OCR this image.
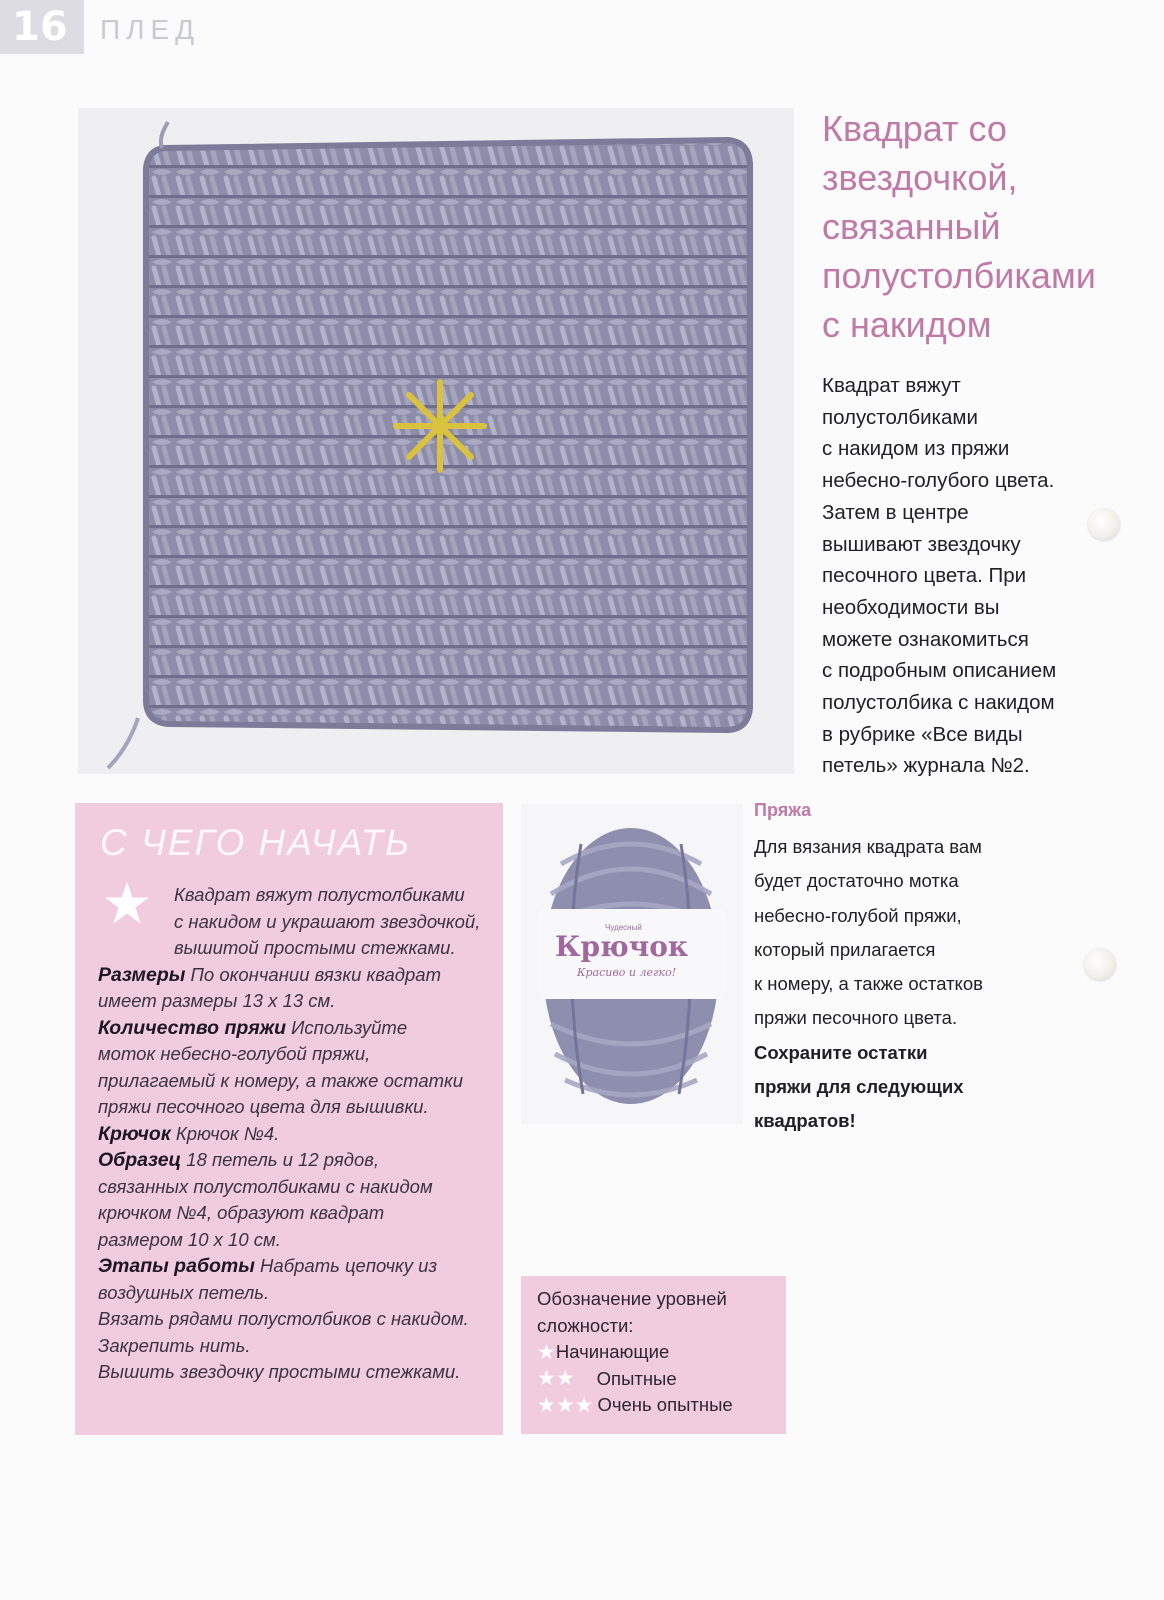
16	ПЛЕД
Квадрат со
звездочкой,
связанный
полустолбиками
с накидом
Квадрат вяжут
полустолбиками
с накидом из пряжи
небесно-голубого цвета.
Затем в центре
вышивают звездочку
песочного цвета. При
необходимости вы
можете ознакомиться
с подробным описанием
полустолбика с накидом
в рубрике «Все виды
петель» журнала №2.
С ЧЕГО НАЧАТЬ
Квадрат вяжут полустолбиками
с накидом и украшают звездочкой,
вышитой простыми стежками.
Размеры По окончании вязки квадрат
имеет размеры 13 х 13 см.
Количество пряжи Используйте
моток небесно-голубой пряжи,
прилагаемый к номеру, а также остатки
пряжи песочного цвета для вышивки.
Крючок Крючок №4.
Образец 18 петель и 12 рядов,
связанных полустолбиками с накидом
крючком №4, образуют квадрат
размером 10 х 10 см.
Этапы работы Набрать цепочку из
воздушных петель.
Вязать рядами полустолбиков с накидом.
Закрепить нить.
Вышить звездочку простыми стежками.
Чудесный
Крючок
Красиво и легко!
Пряжа
Для вязания квадрата вам
будет достаточно мотка
небесно-голубой пряжи,
который прилагается
к номеру, а также остатков
пряжи песочного цвета.
Сохраните остатки
пряжи для следующих
квадратов!
Обозначение уровней
сложности:
★ Начинающие
★ ★ Опытные
★ ★ ★ Очень опытные
